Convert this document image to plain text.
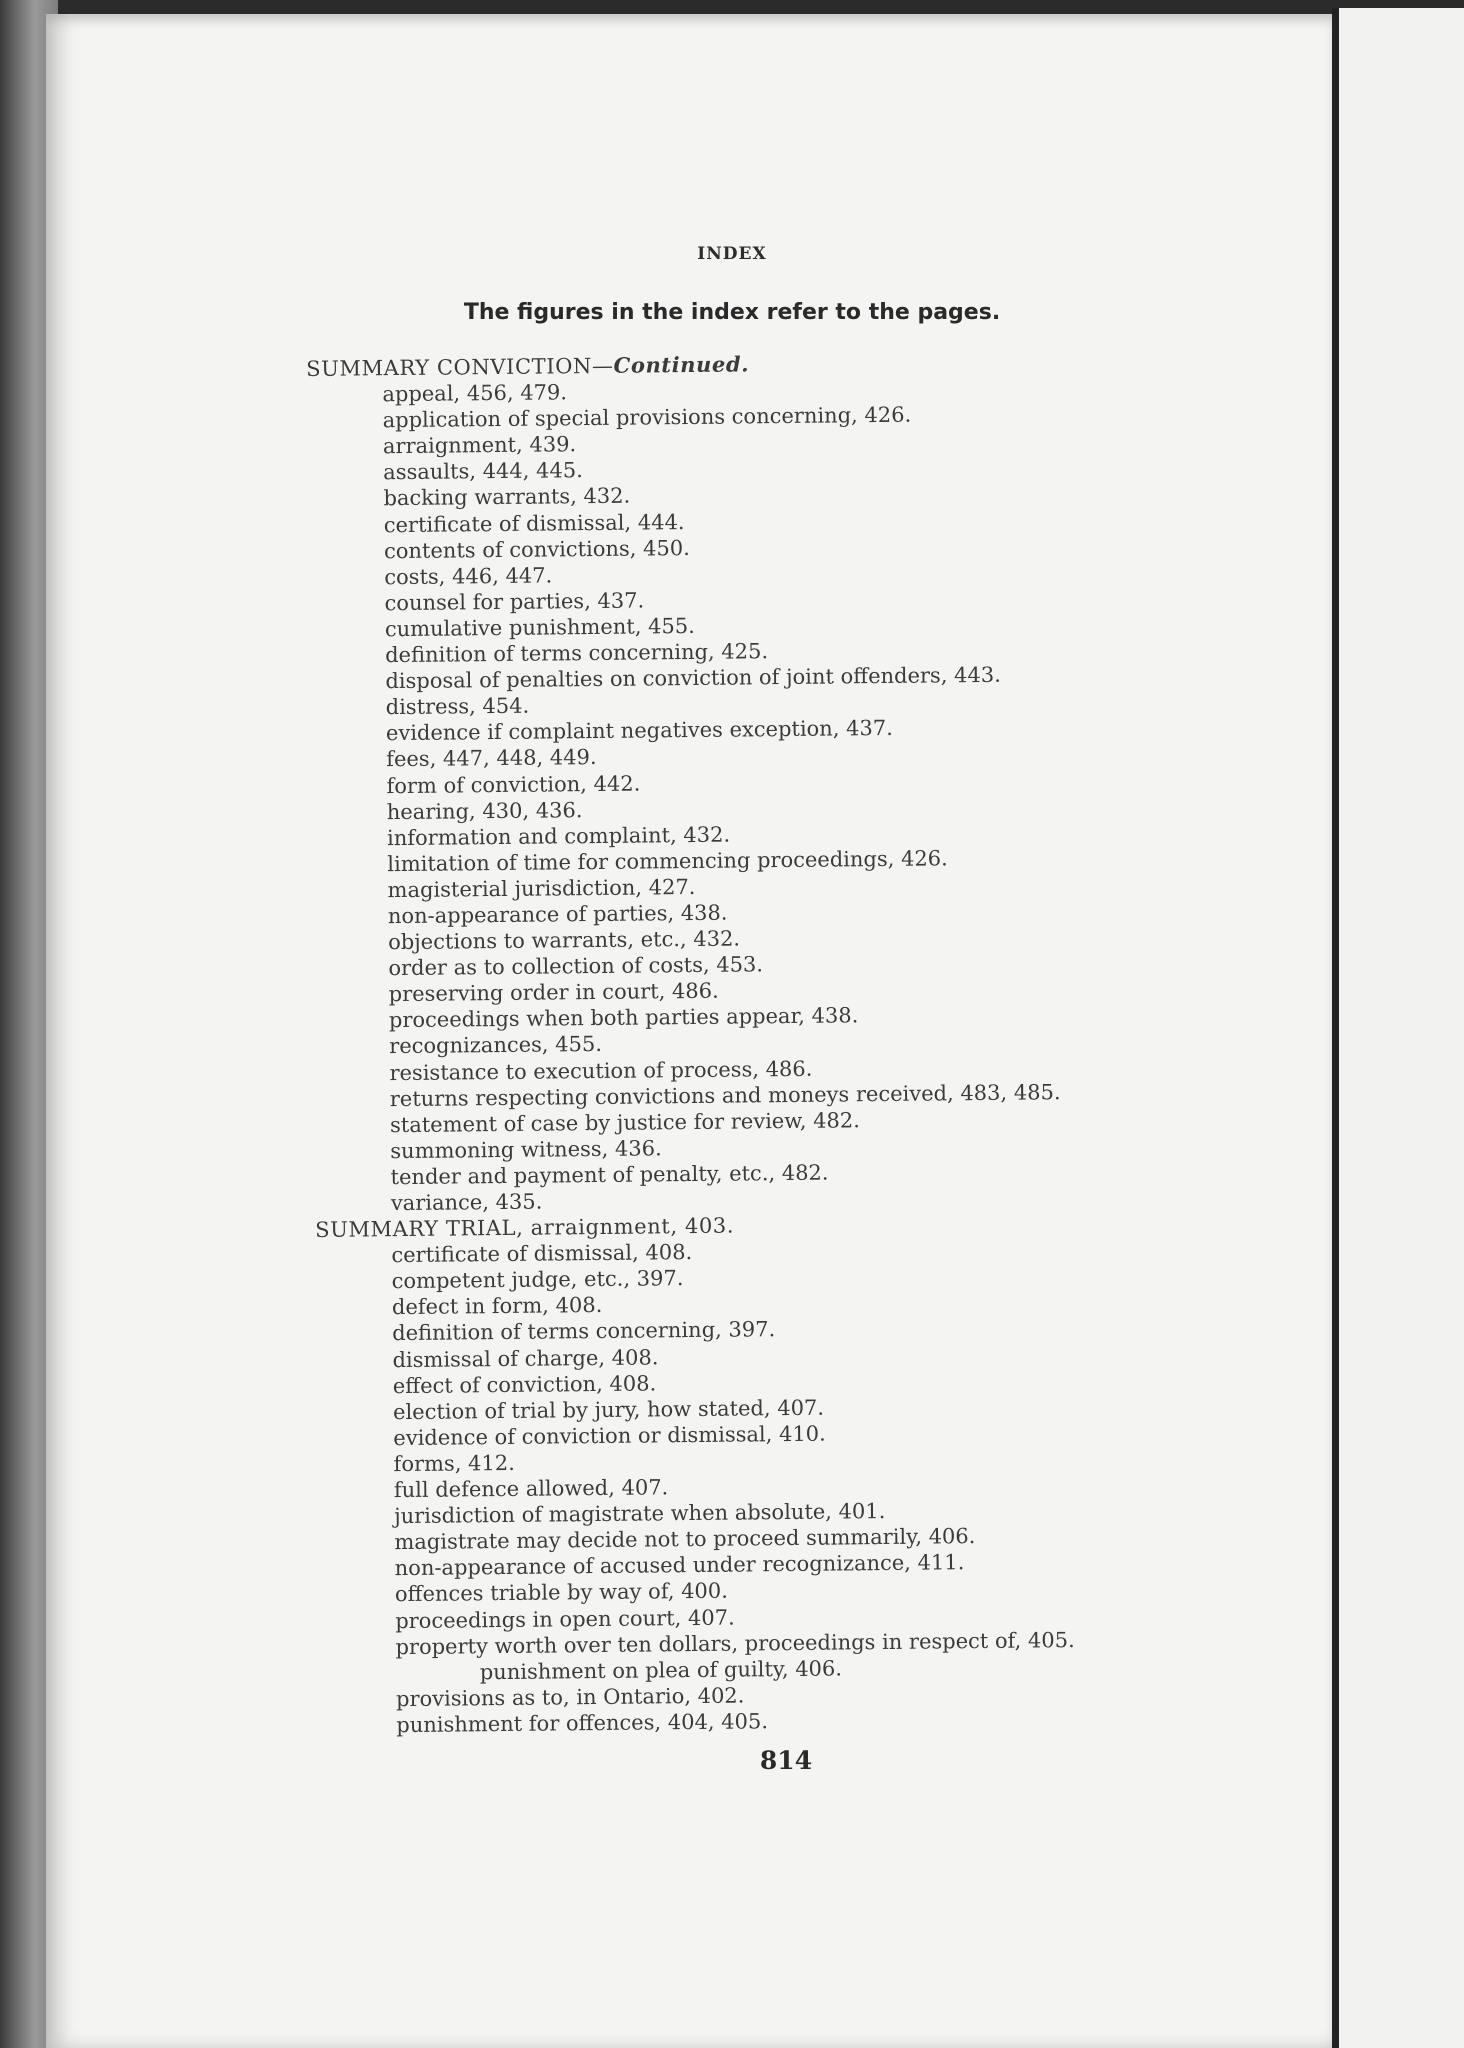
INDEX
The figures in the index refer to the pages.
SUMMARY CONVICTION—Continued.
appeal, 456, 479.
application of special provisions concerning, 426.
arraignment, 439.
assaults, 444, 445.
backing warrants, 432.
certificate of dismissal, 444.
contents of convictions, 450.
costs, 446, 447.
counsel for parties, 437.
cumulative punishment, 455.
definition of terms concerning, 425.
disposal of penalties on conviction of joint offenders, 443.
distress, 454.
evidence if complaint negatives exception, 437.
fees, 447, 448, 449.
form of conviction, 442.
hearing, 430, 436.
information and complaint, 432.
limitation of time for commencing proceedings, 426.
magisterial jurisdiction, 427.
non-appearance of parties, 438.
objections to warrants, etc., 432.
order as to collection of costs, 453.
preserving order in court, 486.
proceedings when both parties appear, 438.
recognizances, 455.
resistance to execution of process, 486.
returns respecting convictions and moneys received, 483, 485.
statement of case by justice for review, 482.
summoning witness, 436.
tender and payment of penalty, etc., 482.
variance, 435.
SUMMARY TRIAL, arraignment, 403.
certificate of dismissal, 408.
competent judge, etc., 397.
defect in form, 408.
definition of terms concerning, 397.
dismissal of charge, 408.
effect of conviction, 408.
election of trial by jury, how stated, 407.
evidence of conviction or dismissal, 410.
forms, 412.
full defence allowed, 407.
jurisdiction of magistrate when absolute, 401.
magistrate may decide not to proceed summarily, 406.
non-appearance of accused under recognizance, 411.
offences triable by way of, 400.
proceedings in open court, 407.
property worth over ten dollars, proceedings in respect of, 405.
punishment on plea of guilty, 406.
provisions as to, in Ontario, 402.
punishment for offences, 404, 405.
814
